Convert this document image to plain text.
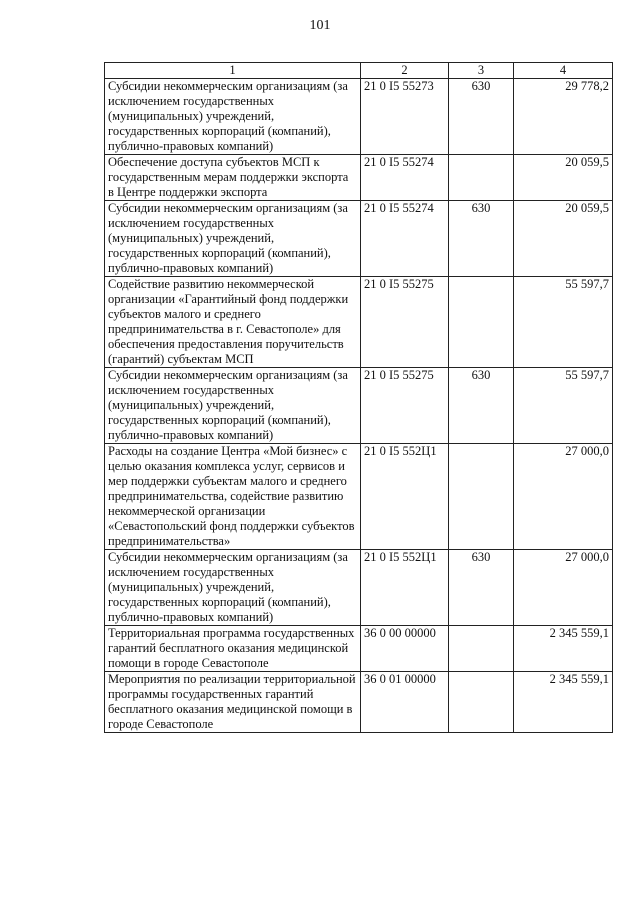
101
1	2	3	4
Субсидии некоммерческим организациям (за исключением государственных (муниципальных) учреждений, государственных корпораций (компаний), публично-правовых компаний)	21 0 I5 55273	630	29 778,2
Обеспечение доступа субъектов МСП к государственным мерам поддержки экспорта в Центре поддержки экспорта	21 0 I5 55274		20 059,5
Субсидии некоммерческим организациям (за исключением государственных (муниципальных) учреждений, государственных корпораций (компаний), публично-правовых компаний)	21 0 I5 55274	630	20 059,5
Содействие развитию некоммерческой организации «Гарантийный фонд поддержки субъектов малого и среднего предпринимательства в г. Севастополе» для обеспечения предоставления поручительств (гарантий) субъектам МСП	21 0 I5 55275		55 597,7
Субсидии некоммерческим организациям (за исключением государственных (муниципальных) учреждений, государственных корпораций (компаний), публично-правовых компаний)	21 0 I5 55275	630	55 597,7
Расходы на создание Центра «Мой бизнес» с целью оказания комплекса услуг, сервисов и мер поддержки субъектам малого и среднего предпринимательства, содействие развитию некоммерческой организации «Севастопольский фонд поддержки субъектов предпринимательства»	21 0 I5 552Ц1		27 000,0
Субсидии некоммерческим организациям (за исключением государственных (муниципальных) учреждений, государственных корпораций (компаний), публично-правовых компаний)	21 0 I5 552Ц1	630	27 000,0
Территориальная программа государственных гарантий бесплатного оказания медицинской помощи в городе Севастополе	36 0 00 00000		2 345 559,1
Мероприятия по реализации территориальной программы государственных гарантий бесплатного оказания медицинской помощи в городе Севастополе	36 0 01 00000		2 345 559,1
